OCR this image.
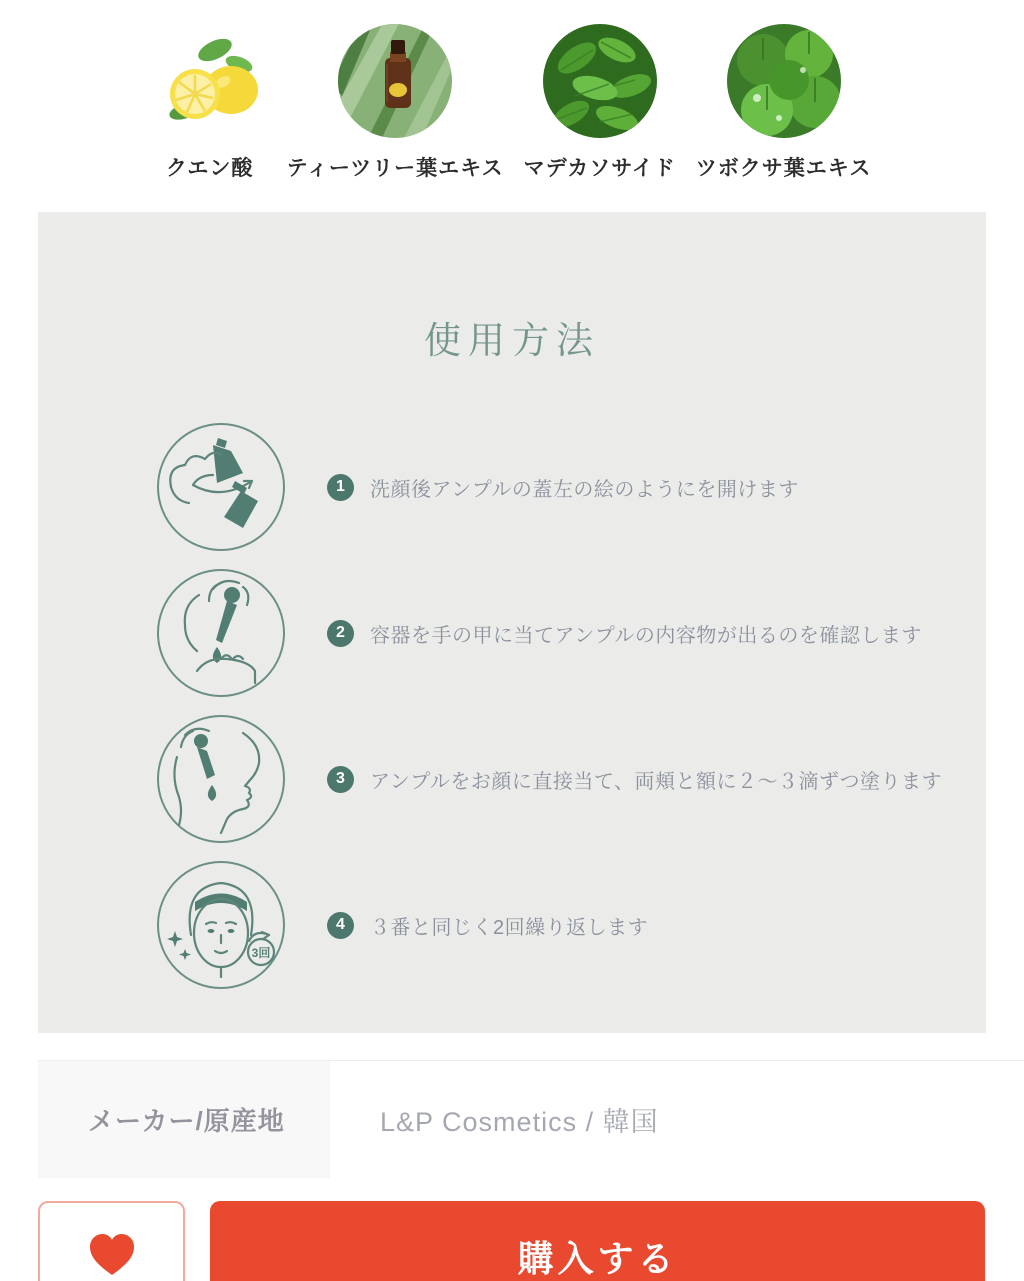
クエン酸 ティーツリー葉エキス マデカソサイド ツボクサ葉エキス
使用方法
1	洗顔後アンプルの蓋左の絵のようにを開けます
2	容器を手の甲に当てアンプルの内容物が出るのを確認します
3	アンプルをお顔に直接当て、両頬と額に２〜３滴ずつ塗ります
3回
4	３番と同じく2回繰り返します
メーカー/原産地	L&P Cosmetics / 韓国
購入する
